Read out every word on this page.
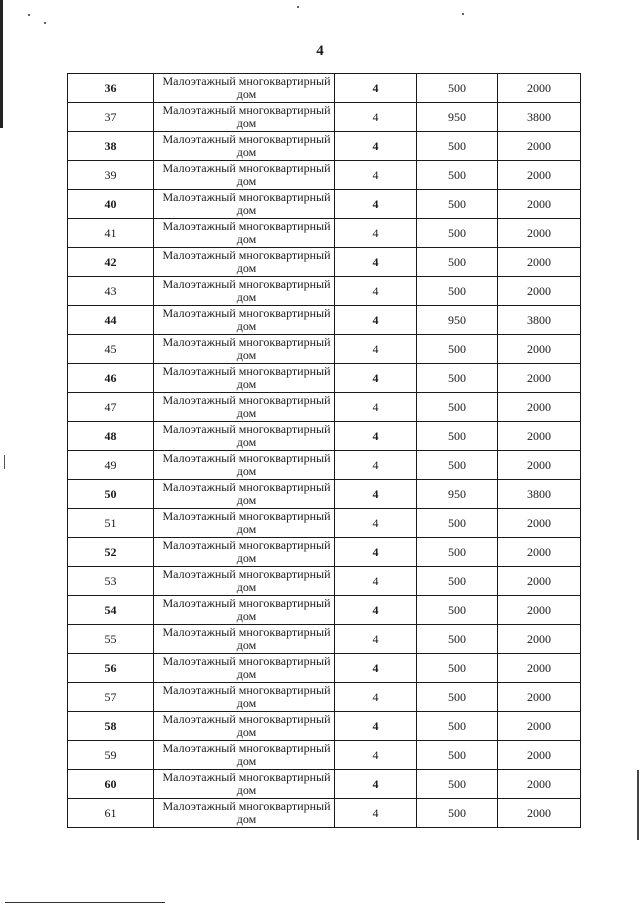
4
36	Малоэтажный многоквартирный дом	4	500	2000
37	Малоэтажный многоквартирный дом	4	950	3800
38	Малоэтажный многоквартирный дом	4	500	2000
39	Малоэтажный многоквартирный дом	4	500	2000
40	Малоэтажный многоквартирный дом	4	500	2000
41	Малоэтажный многоквартирный дом	4	500	2000
42	Малоэтажный многоквартирный дом	4	500	2000
43	Малоэтажный многоквартирный дом	4	500	2000
44	Малоэтажный многоквартирный дом	4	950	3800
45	Малоэтажный многоквартирный дом	4	500	2000
46	Малоэтажный многоквартирный дом	4	500	2000
47	Малоэтажный многоквартирный дом	4	500	2000
48	Малоэтажный многоквартирный дом	4	500	2000
49	Малоэтажный многоквартирный дом	4	500	2000
50	Малоэтажный многоквартирный дом	4	950	3800
51	Малоэтажный многоквартирный дом	4	500	2000
52	Малоэтажный многоквартирный дом	4	500	2000
53	Малоэтажный многоквартирный дом	4	500	2000
54	Малоэтажный многоквартирный дом	4	500	2000
55	Малоэтажный многоквартирный дом	4	500	2000
56	Малоэтажный многоквартирный дом	4	500	2000
57	Малоэтажный многоквартирный дом	4	500	2000
58	Малоэтажный многоквартирный дом	4	500	2000
59	Малоэтажный многоквартирный дом	4	500	2000
60	Малоэтажный многоквартирный дом	4	500	2000
61	Малоэтажный многоквартирный дом	4	500	2000
